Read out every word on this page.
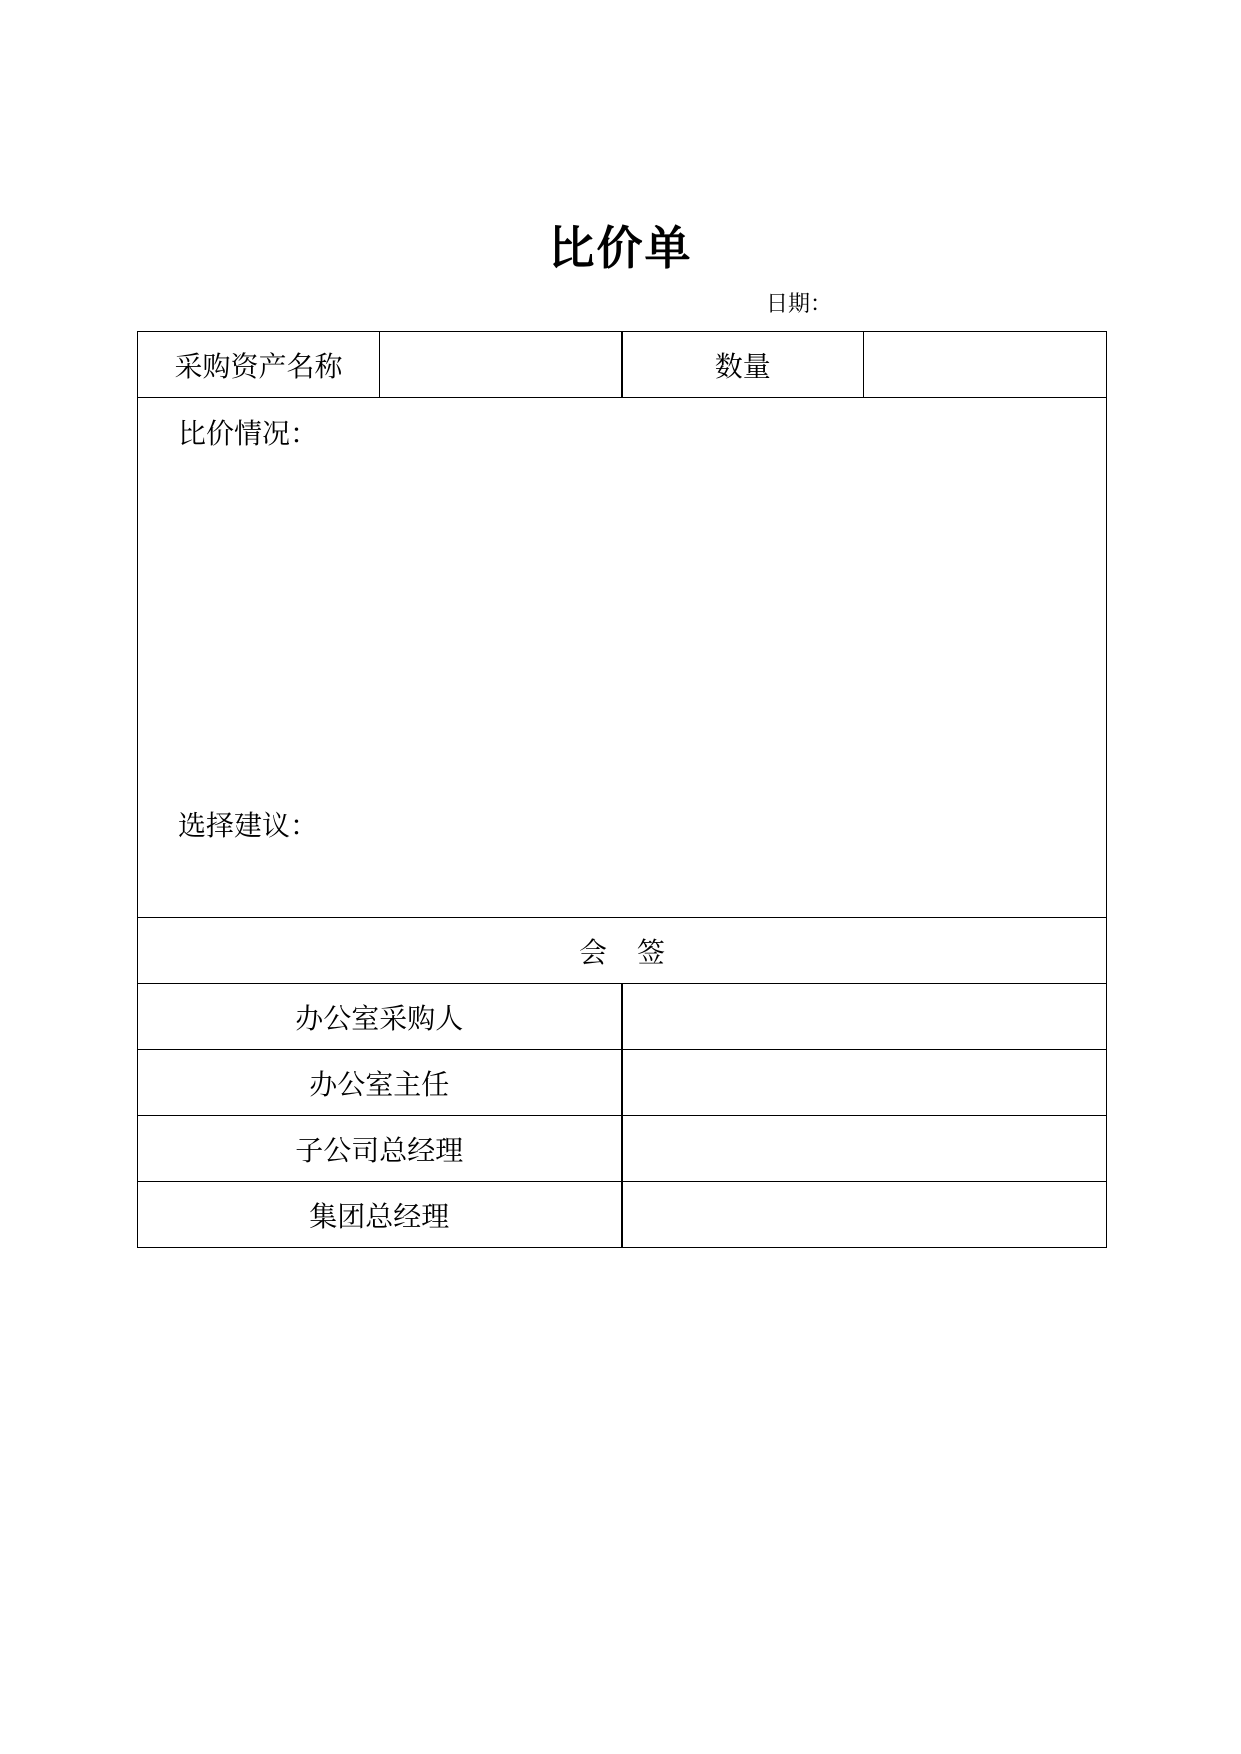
比价单
日期：
采购资产名称		数量	

比价情况：
选择建议：			

会 签			
办公室采购人			
办公室主任			
子公司总经理			
集团总经理			
